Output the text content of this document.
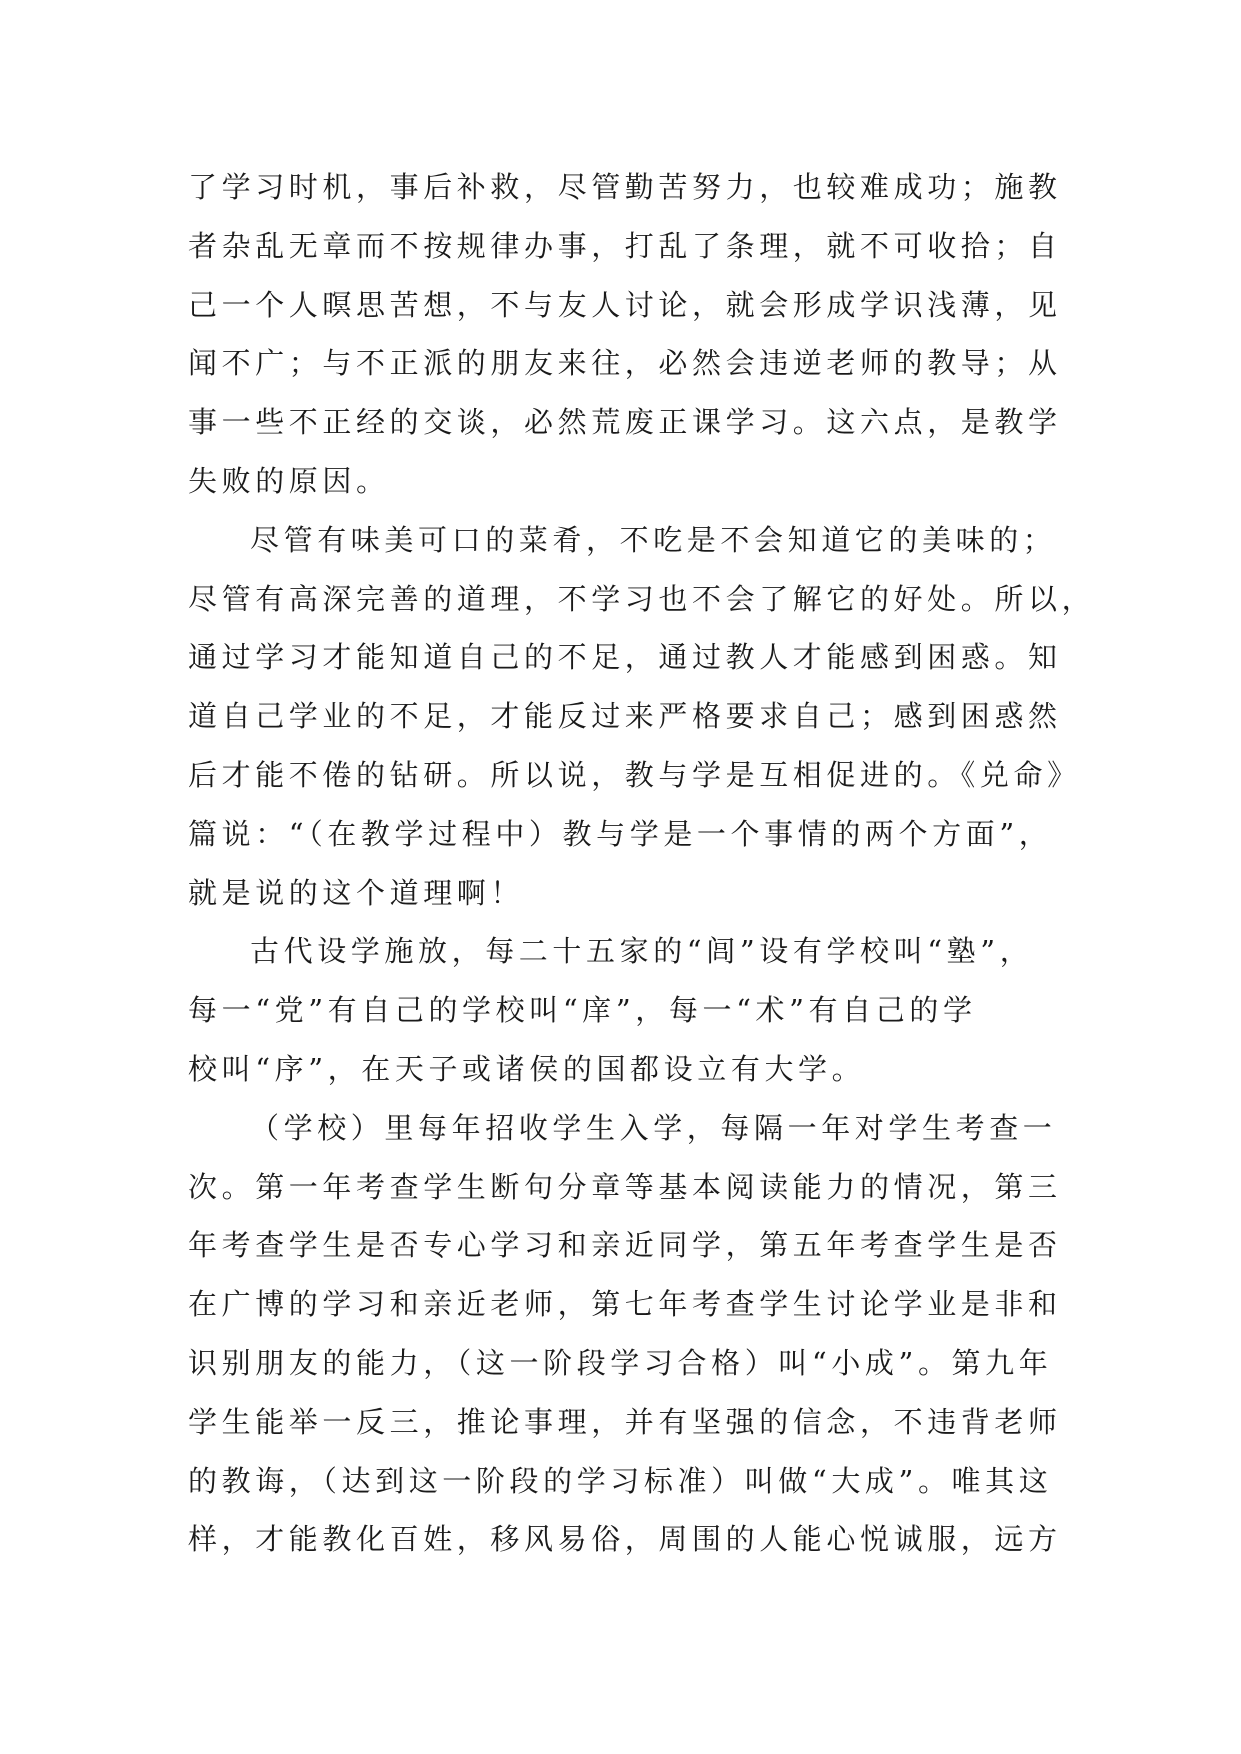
了学习时机，事后补救，尽管勤苦努力，也较难成功；施教
者杂乱无章而不按规律办事，打乱了条理，就不可收拾；自
己一个人暝思苦想，不与友人讨论，就会形成学识浅薄，见
闻不广；与不正派的朋友来往，必然会违逆老师的教导；从
事一些不正经的交谈，必然荒废正课学习。这六点，是教学
失败的原因。
尽管有味美可口的菜肴，不吃是不会知道它的美味的；
尽管有高深完善的道理，不学习也不会了解它的好处。所以，
通过学习才能知道自己的不足，通过教人才能感到困惑。知
道自己学业的不足，才能反过来严格要求自己；感到困惑然
后才能不倦的钻研。所以说，教与学是互相促进的。《兑命》
篇说：“（在教学过程中）教与学是一个事情的两个方面”，
就是说的这个道理啊！
古代设学施放，每二十五家的“闾”设有学校叫“塾”，
每一“党”有自己的学校叫“庠”，每一“术”有自己的学
校叫“序”，在天子或诸侯的国都设立有大学。
（学校）里每年招收学生入学，每隔一年对学生考查一
次。第一年考查学生断句分章等基本阅读能力的情况，第三
年考查学生是否专心学习和亲近同学，第五年考查学生是否
在广博的学习和亲近老师，第七年考查学生讨论学业是非和
识别朋友的能力，（这一阶段学习合格）叫“小成”。第九年
学生能举一反三，推论事理，并有坚强的信念，不违背老师
的教诲，（达到这一阶段的学习标准）叫做“大成”。唯其这
样，才能教化百姓，移风易俗，周围的人能心悦诚服，远方
